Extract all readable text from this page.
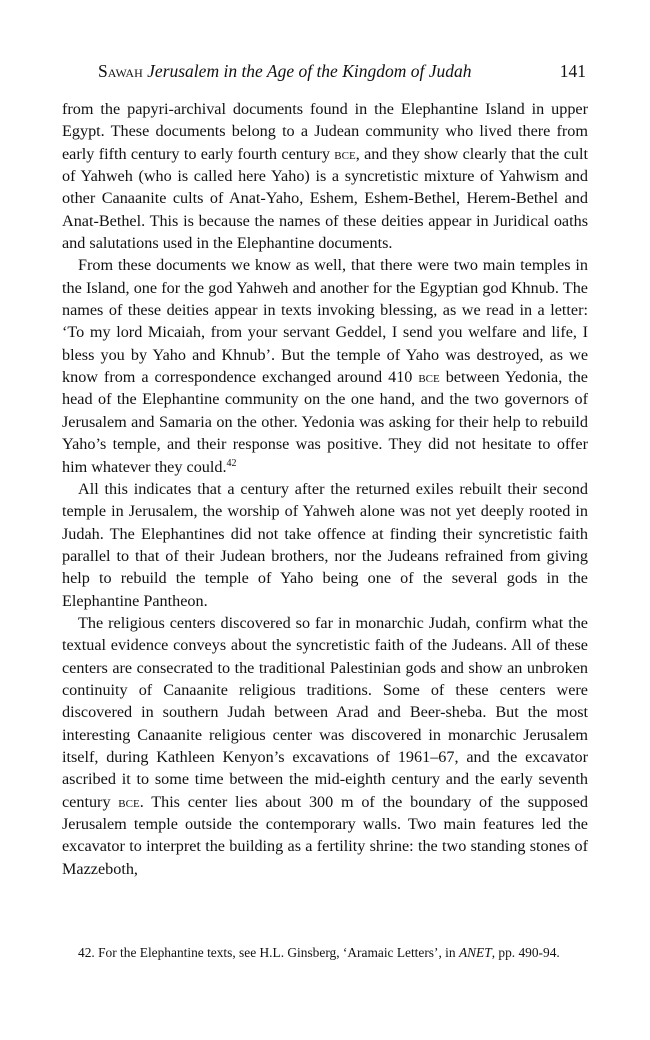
Sawah Jerusalem in the Age of the Kingdom of Judah	141

from the papyri-archival documents found in the Elephantine Island in upper Egypt. These documents belong to a Judean community who lived there from early fifth century to early fourth century bce, and they show clearly that the cult of Yahweh (who is called here Yaho) is a syncretistic mixture of Yahwism and other Canaanite cults of Anat-Yaho, Eshem, Eshem-Bethel, Herem-Bethel and Anat-Bethel. This is because the names of these deities appear in Juridical oaths and salutations used in the Elephantine documents.

From these documents we know as well, that there were two main temples in the Island, one for the god Yahweh and another for the Egyptian god Khnub. The names of these deities appear in texts invoking blessing, as we read in a letter: ‘To my lord Micaiah, from your servant Geddel, I send you welfare and life, I bless you by Yaho and Khnub’. But the temple of Yaho was destroyed, as we know from a correspondence exchanged around 410 bce between Yedonia, the head of the Elephantine community on the one hand, and the two governors of Jerusalem and Samaria on the other. Yedonia was asking for their help to rebuild Yaho’s temple, and their response was positive. They did not hesitate to offer him whatever they could.$^{42}$

All this indicates that a century after the returned exiles rebuilt their second temple in Jerusalem, the worship of Yahweh alone was not yet deeply rooted in Judah. The Elephantines did not take offence at finding their syncretistic faith parallel to that of their Judean brothers, nor the Judeans refrained from giving help to rebuild the temple of Yaho being one of the several gods in the Elephantine Pantheon.

The religious centers discovered so far in monarchic Judah, confirm what the textual evidence conveys about the syncretistic faith of the Judeans. All of these centers are consecrated to the traditional Palestinian gods and show an unbroken continuity of Canaanite religious traditions. Some of these centers were discovered in southern Judah between Arad and Beer-sheba. But the most interesting Canaanite religious center was discovered in monarchic Jerusalem itself, during Kathleen Kenyon’s excavations of 1961–67, and the excavator ascribed it to some time between the mid-eighth century and the early seventh century bce. This center lies about 300 m of the boundary of the supposed Jerusalem temple outside the contemporary walls. Two main features led the excavator to interpret the building as a fertility shrine: the two standing stones of Mazzeboth,

42. For the Elephantine texts, see H.L. Ginsberg, ‘Aramaic Letters’, in ANET, pp. 490-94.
